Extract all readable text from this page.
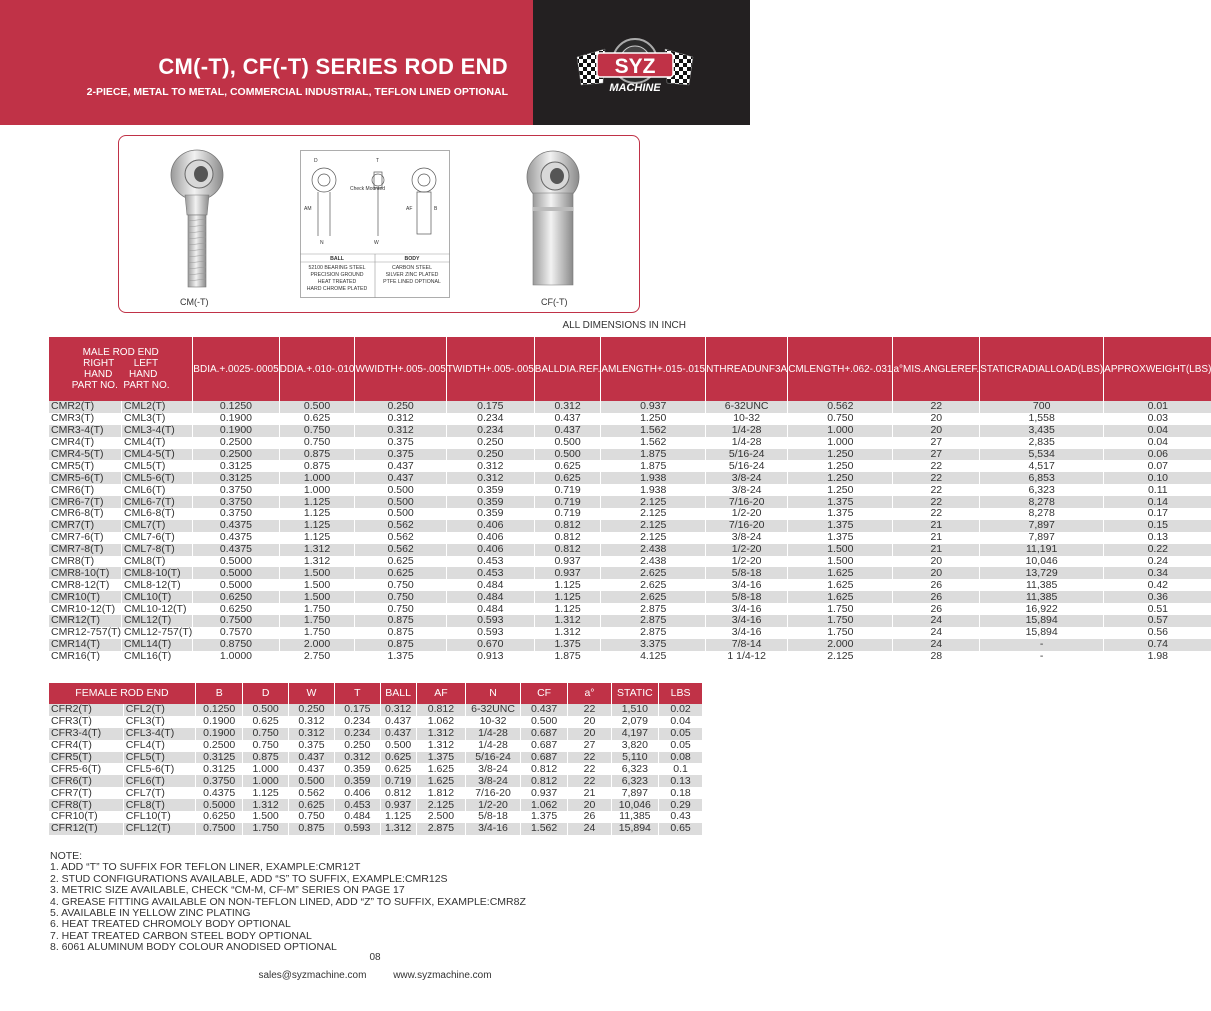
CM(-T), CF(-T) SERIES ROD END
2-PIECE, METAL TO METAL, COMMERCIAL INDUSTRIAL, TEFLON LINED OPTIONAL
SYZ
MACHINE
CM(-T)	CF(-T)
D	T
Check Mounted
AM
N	W
AF	B
BALL	BODY
52100 BEARING STEEL
PRECISION GROUND
HEAT TREATED
HARD CHROME PLATED
CARBON STEEL
SILVER ZINC PLATED
PTFE LINED OPTIONAL
ALL DIMENSIONS IN INCH
MALE ROD END
RIGHT LEFT
HAND HAND
PART NO. PART NO.		BDIA.+.0025-.0005	DDIA.+.010-.010	WWIDTH+.005-.005	TWIDTH+.005-.005	BALLDIA.REF.	AMLENGTH+.015-.015	NTHREADUNF3A	CMLENGTH+.062-.031	a°MIS.ANGLEREF.	STATICRADIALLOAD(LBS)	APPROXWEIGHT(LBS)
CMR2(T)	CML2(T)	0.1250	0.500	0.250	0.175	0.312	0.937	6-32UNC	0.562	22	700	0.01
CMR3(T)	CML3(T)	0.1900	0.625	0.312	0.234	0.437	1.250	10-32	0.750	20	1,558	0.03
CMR3-4(T)	CML3-4(T)	0.1900	0.750	0.312	0.234	0.437	1.562	1/4-28	1.000	20	3,435	0.04
CMR4(T)	CML4(T)	0.2500	0.750	0.375	0.250	0.500	1.562	1/4-28	1.000	27	2,835	0.04
CMR4-5(T)	CML4-5(T)	0.2500	0.875	0.375	0.250	0.500	1.875	5/16-24	1.250	27	5,534	0.06
CMR5(T)	CML5(T)	0.3125	0.875	0.437	0.312	0.625	1.875	5/16-24	1.250	22	4,517	0.07
CMR5-6(T)	CML5-6(T)	0.3125	1.000	0.437	0.312	0.625	1.938	3/8-24	1.250	22	6,853	0.10
CMR6(T)	CML6(T)	0.3750	1.000	0.500	0.359	0.719	1.938	3/8-24	1.250	22	6,323	0.11
CMR6-7(T)	CML6-7(T)	0.3750	1.125	0.500	0.359	0.719	2.125	7/16-20	1.375	22	8,278	0.14
CMR6-8(T)	CML6-8(T)	0.3750	1.125	0.500	0.359	0.719	2.125	1/2-20	1.375	22	8,278	0.17
CMR7(T)	CML7(T)	0.4375	1.125	0.562	0.406	0.812	2.125	7/16-20	1.375	21	7,897	0.15
CMR7-6(T)	CML7-6(T)	0.4375	1.125	0.562	0.406	0.812	2.125	3/8-24	1.375	21	7,897	0.13
CMR7-8(T)	CML7-8(T)	0.4375	1.312	0.562	0.406	0.812	2.438	1/2-20	1.500	21	11,191	0.22
CMR8(T)	CML8(T)	0.5000	1.312	0.625	0.453	0.937	2.438	1/2-20	1.500	20	10,046	0.24
CMR8-10(T)	CML8-10(T)	0.5000	1.500	0.625	0.453	0.937	2.625	5/8-18	1.625	20	13,729	0.34
CMR8-12(T)	CML8-12(T)	0.5000	1.500	0.750	0.484	1.125	2.625	3/4-16	1.625	26	11,385	0.42
CMR10(T)	CML10(T)	0.6250	1.500	0.750	0.484	1.125	2.625	5/8-18	1.625	26	11,385	0.36
CMR10-12(T)	CML10-12(T)	0.6250	1.750	0.750	0.484	1.125	2.875	3/4-16	1.750	26	16,922	0.51
CMR12(T)	CML12(T)	0.7500	1.750	0.875	0.593	1.312	2.875	3/4-16	1.750	24	15,894	0.57
CMR12-757(T)	CML12-757(T)	0.7570	1.750	0.875	0.593	1.312	2.875	3/4-16	1.750	24	15,894	0.56
CMR14(T)	CML14(T)	0.8750	2.000	0.875	0.670	1.375	3.375	7/8-14	2.000	24	-	0.74
CMR16(T)	CML16(T)	1.0000	2.750	1.375	0.913	1.875	4.125	1 1/4-12	2.125	28	-	1.98
FEMALE ROD END		B	D	W	T	BALL	AF	N	CF	a°	STATIC	LBS
CFR2(T)	CFL2(T)	0.1250	0.500	0.250	0.175	0.312	0.812	6-32UNC	0.437	22	1,510	0.02
CFR3(T)	CFL3(T)	0.1900	0.625	0.312	0.234	0.437	1.062	10-32	0.500	20	2,079	0.04
CFR3-4(T)	CFL3-4(T)	0.1900	0.750	0.312	0.234	0.437	1.312	1/4-28	0.687	20	4,197	0.05
CFR4(T)	CFL4(T)	0.2500	0.750	0.375	0.250	0.500	1.312	1/4-28	0.687	27	3,820	0.05
CFR5(T)	CFL5(T)	0.3125	0.875	0.437	0.312	0.625	1.375	5/16-24	0.687	22	5,110	0.08
CFR5-6(T)	CFL5-6(T)	0.3125	1.000	0.437	0.359	0.625	1.625	3/8-24	0.812	22	6,323	0.1
CFR6(T)	CFL6(T)	0.3750	1.000	0.500	0.359	0.719	1.625	3/8-24	0.812	22	6,323	0.13
CFR7(T)	CFL7(T)	0.4375	1.125	0.562	0.406	0.812	1.812	7/16-20	0.937	21	7,897	0.18
CFR8(T)	CFL8(T)	0.5000	1.312	0.625	0.453	0.937	2.125	1/2-20	1.062	20	10,046	0.29
CFR10(T)	CFL10(T)	0.6250	1.500	0.750	0.484	1.125	2.500	5/8-18	1.375	26	11,385	0.43
CFR12(T)	CFL12(T)	0.7500	1.750	0.875	0.593	1.312	2.875	3/4-16	1.562	24	15,894	0.65
NOTE:
1. ADD “T” TO SUFFIX FOR TEFLON LINER, EXAMPLE:CMR12T
2. STUD CONFIGURATIONS AVAILABLE, ADD “S” TO SUFFIX, EXAMPLE:CMR12S
3. METRIC SIZE AVAILABLE, CHECK “CM-M, CF-M” SERIES ON PAGE 17
4. GREASE FITTING AVAILABLE ON NON-TEFLON LINED, ADD “Z” TO SUFFIX, EXAMPLE:CMR8Z
5. AVAILABLE IN YELLOW ZINC PLATING
6. HEAT TREATED CHROMOLY BODY OPTIONAL
7. HEAT TREATED CARBON STEEL BODY OPTIONAL
8. 6061 ALUMINUM BODY COLOUR ANODISED OPTIONAL
08
sales@syzmachine.com	www.syzmachine.com
